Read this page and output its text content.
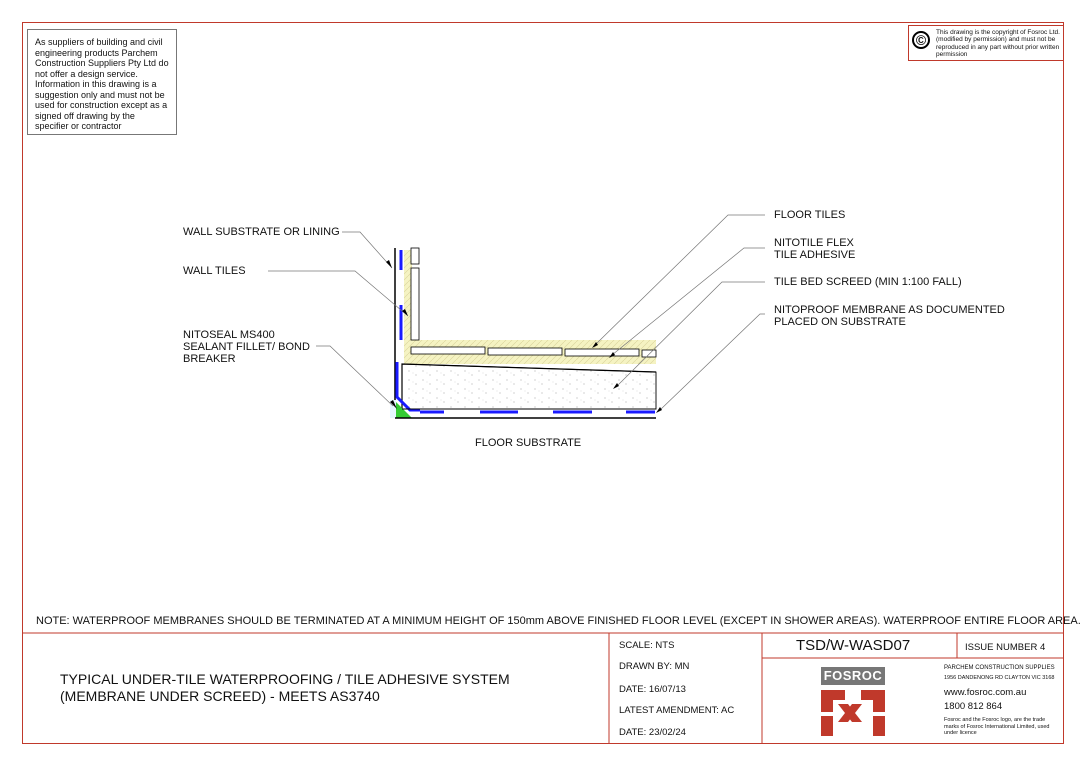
As suppliers of building and civil engineering products Parchem Construction Suppliers Pty Ltd do not offer a design service. Information in this drawing is a suggestion only and must not be used for construction except as a signed off drawing by the specifier or contractor
©	This drawing is the copyright of Fosroc Ltd. (modified by permission) and must not be reproduced in any part without prior written permission
WALL SUBSTRATE OR LINING
WALL TILES
NITOSEAL MS400
SEALANT FILLET/ BOND
BREAKER
FLOOR TILES
NITOTILE FLEX
TILE ADHESIVE
TILE BED SCREED (MIN 1:100 FALL)
NITOPROOF MEMBRANE AS DOCUMENTED
PLACED ON SUBSTRATE
FLOOR SUBSTRATE
NOTE: WATERPROOF MEMBRANES SHOULD BE TERMINATED AT A MINIMUM HEIGHT OF 150mm ABOVE FINISHED FLOOR LEVEL (EXCEPT IN SHOWER AREAS). WATERPROOF ENTIRE FLOOR AREA.
TYPICAL UNDER-TILE WATERPROOFING / TILE ADHESIVE SYSTEM
(MEMBRANE UNDER SCREED) - MEETS AS3740
SCALE: NTS
DRAWN BY: MN
DATE: 16/07/13
LATEST AMENDMENT: AC
DATE: 23/02/24
TSD/W-WASD07	ISSUE NUMBER 4
FOSROC	PARCHEM CONSTRUCTION SUPPLIES
1956 DANDENONG RD CLAYTON VIC 3168
www.fosroc.com.au
1800 812 864
Fosroc and the Fosroc logo, are the trade marks of Fosroc International Limited, used under licence
